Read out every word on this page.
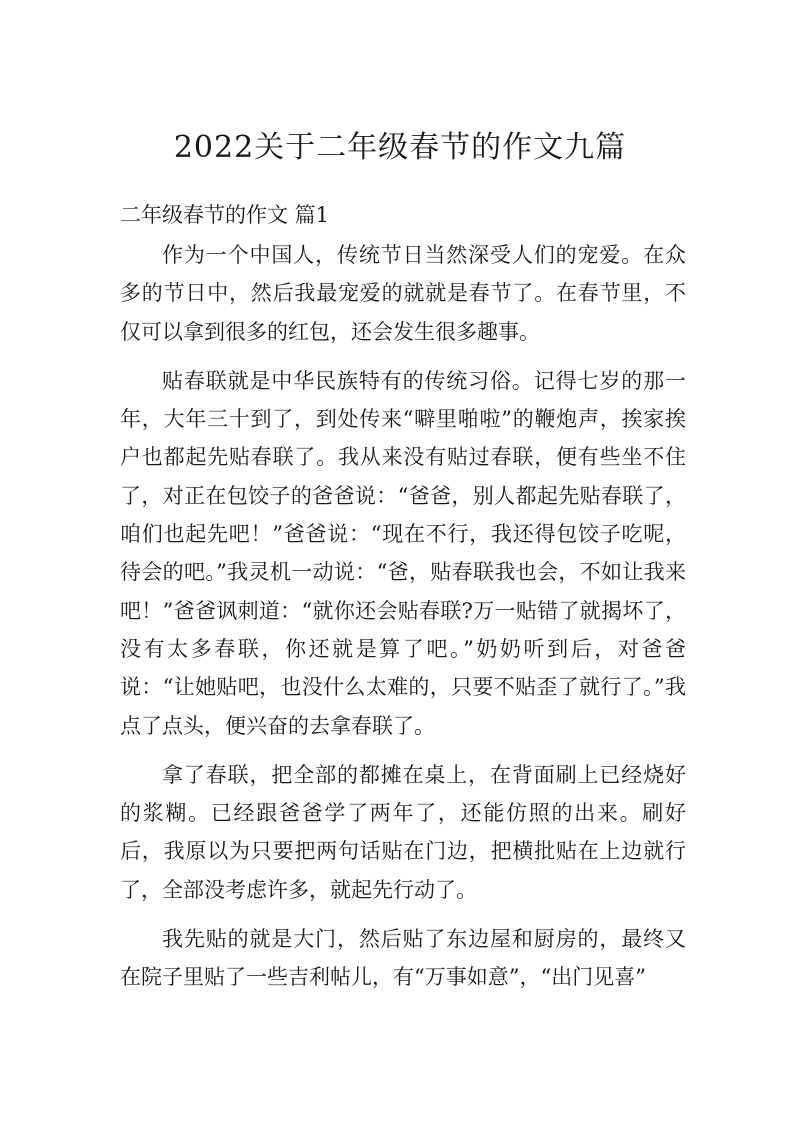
2022关于二年级春节的作文九篇
二年级春节的作文 篇1

作为一个中国人，传统节日当然深受人们的宠爱。在众多的节日中，然后我最宠爱的就就是春节了。在春节里，不仅可以拿到很多的红包，还会发生很多趣事。

贴春联就是中华民族特有的传统习俗。记得七岁的那一年，大年三十到了，到处传来“噼里啪啦”的鞭炮声，挨家挨户也都起先贴春联了。我从来没有贴过春联，便有些坐不住了，对正在包饺子的爸爸说：“爸爸，别人都起先贴春联了，咱们也起先吧！”爸爸说：“现在不行，我还得包饺子吃呢，待会的吧。”我灵机一动说：“爸，贴春联我也会，不如让我来吧！”爸爸讽刺道：“就你还会贴春联?万一贴错了就揭坏了，没有太多春联，你还就是算了吧。”奶奶听到后，对爸爸说：“让她贴吧，也没什么太难的，只要不贴歪了就行了。”我点了点头，便兴奋的去拿春联了。

拿了春联，把全部的都摊在桌上，在背面刷上已经烧好的浆糊。已经跟爸爸学了两年了，还能仿照的出来。刷好后，我原以为只要把两句话贴在门边，把横批贴在上边就行了，全部没考虑许多，就起先行动了。

我先贴的就是大门，然后贴了东边屋和厨房的，最终又在院子里贴了一些吉利帖儿，有“万事如意”，“出门见喜”
